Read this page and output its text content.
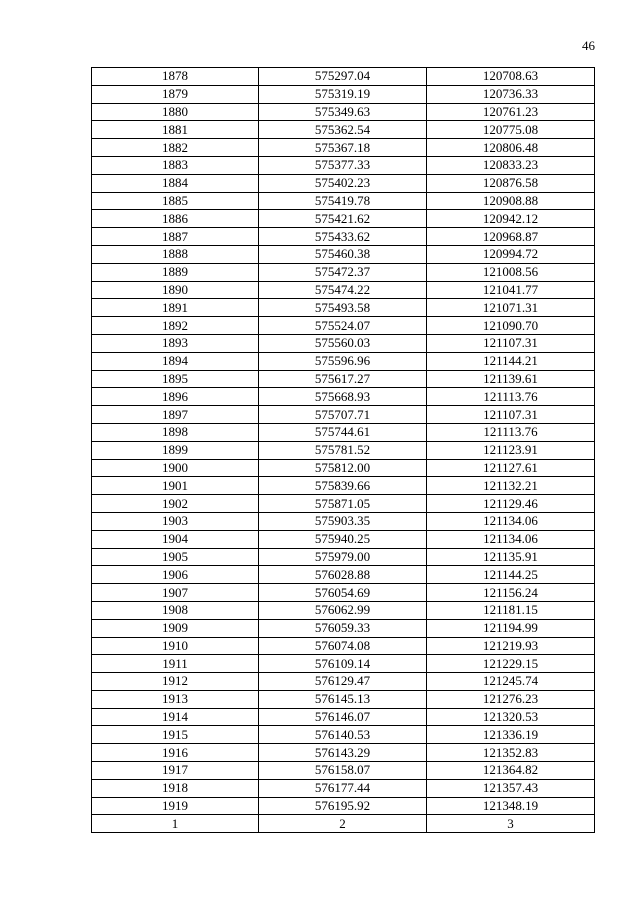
46
1878	575297.04	120708.63
1879	575319.19	120736.33
1880	575349.63	120761.23
1881	575362.54	120775.08
1882	575367.18	120806.48
1883	575377.33	120833.23
1884	575402.23	120876.58
1885	575419.78	120908.88
1886	575421.62	120942.12
1887	575433.62	120968.87
1888	575460.38	120994.72
1889	575472.37	121008.56
1890	575474.22	121041.77
1891	575493.58	121071.31
1892	575524.07	121090.70
1893	575560.03	121107.31
1894	575596.96	121144.21
1895	575617.27	121139.61
1896	575668.93	121113.76
1897	575707.71	121107.31
1898	575744.61	121113.76
1899	575781.52	121123.91
1900	575812.00	121127.61
1901	575839.66	121132.21
1902	575871.05	121129.46
1903	575903.35	121134.06
1904	575940.25	121134.06
1905	575979.00	121135.91
1906	576028.88	121144.25
1907	576054.69	121156.24
1908	576062.99	121181.15
1909	576059.33	121194.99
1910	576074.08	121219.93
1911	576109.14	121229.15
1912	576129.47	121245.74
1913	576145.13	121276.23
1914	576146.07	121320.53
1915	576140.53	121336.19
1916	576143.29	121352.83
1917	576158.07	121364.82
1918	576177.44	121357.43
1919	576195.92	121348.19
1	2	3
